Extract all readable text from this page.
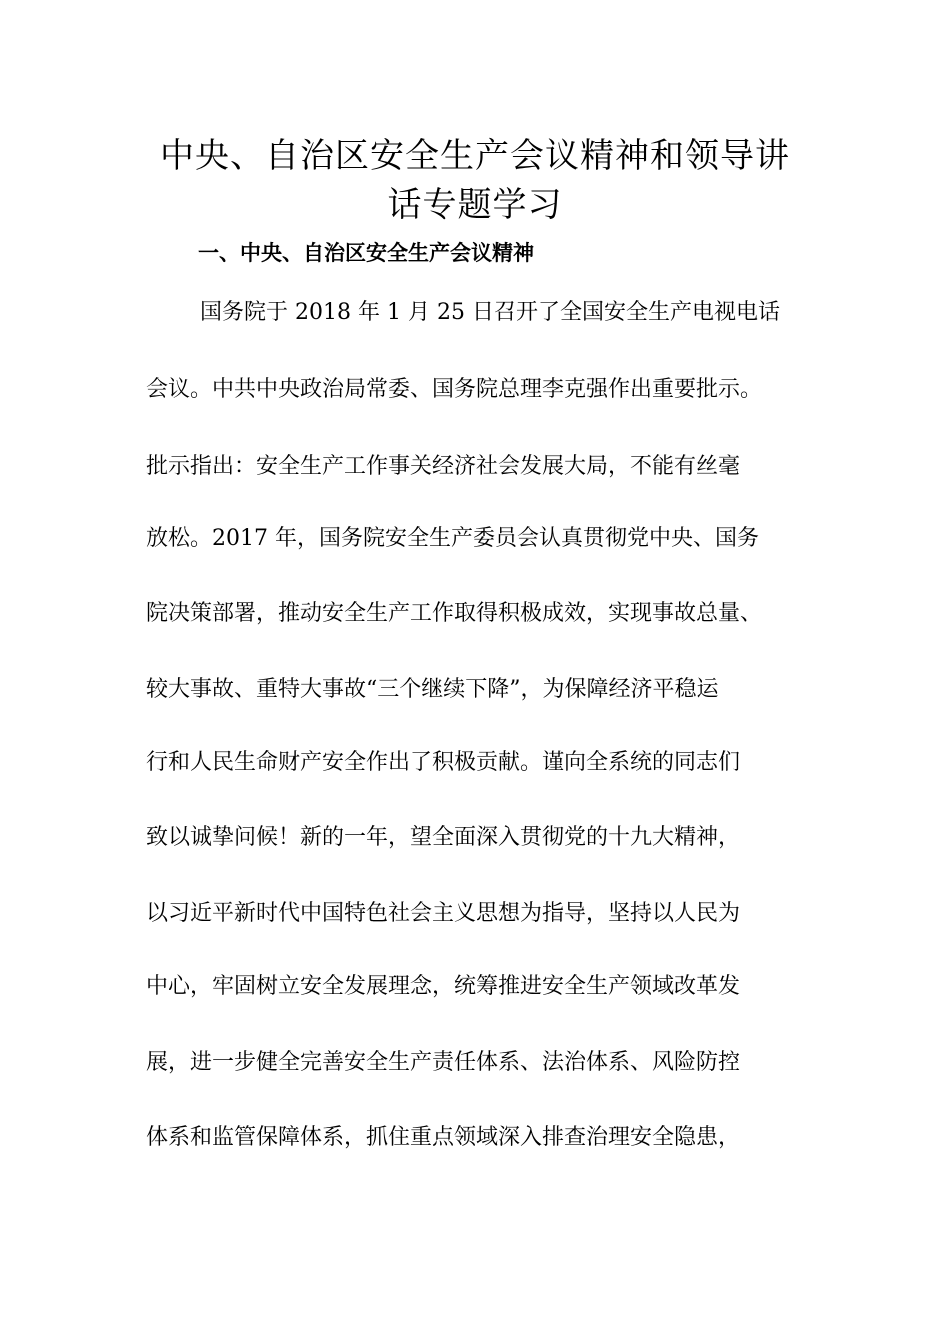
中央、自治区安全生产会议精神和领导讲
话专题学习
一、中央、自治区安全生产会议精神

国务院于 2018 年 1 月 25 日召开了全国安全生产电视电话

会议。中共中央政治局常委、国务院总理李克强作出重要批示。

批示指出：安全生产工作事关经济社会发展大局，不能有丝毫

放松。2017 年，国务院安全生产委员会认真贯彻党中央、国务

院决策部署，推动安全生产工作取得积极成效，实现事故总量、

较大事故、重特大事故“三个继续下降”，为保障经济平稳运

行和人民生命财产安全作出了积极贡献。谨向全系统的同志们

致以诚挚问候！新的一年，望全面深入贯彻党的十九大精神，

以习近平新时代中国特色社会主义思想为指导，坚持以人民为

中心，牢固树立安全发展理念，统筹推进安全生产领域改革发

展，进一步健全完善安全生产责任体系、法治体系、风险防控

体系和监管保障体系，抓住重点领域深入排查治理安全隐患，
